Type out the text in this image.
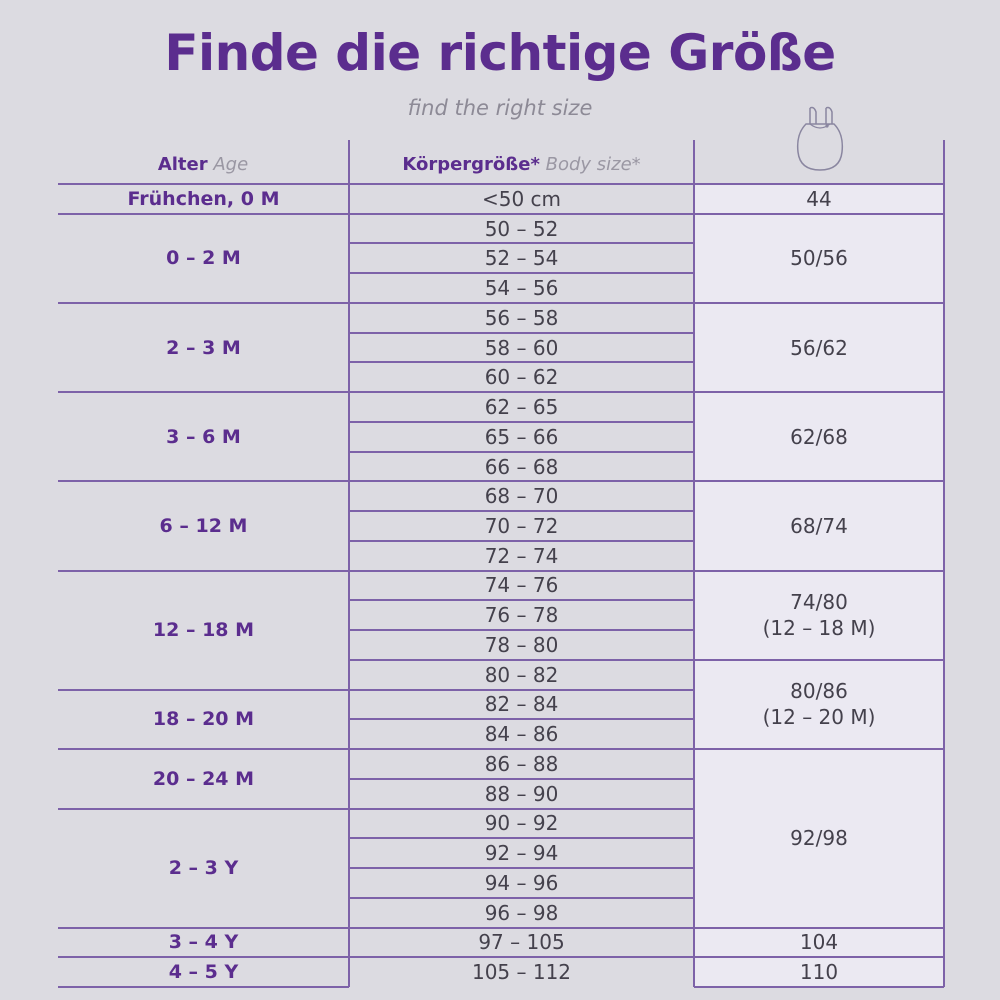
Finde die richtige Größe
find the right size
Alter Age	Körpergröße* Body size*
<50 cm
50 – 52
52 – 54
54 – 56
56 – 58
58 – 60
60 – 62
62 – 65
65 – 66
66 – 68
68 – 70
70 – 72
72 – 74
74 – 76
76 – 78
78 – 80
80 – 82
82 – 84
84 – 86
86 – 88
88 – 90
90 – 92
92 – 94
94 – 96
96 – 98
97 – 105
105 – 112
Frühchen, 0 M
0 – 2 M
2 – 3 M
3 – 6 M
6 – 12 M
12 – 18 M
18 – 20 M
20 – 24 M
2 – 3 Y
3 – 4 Y
4 – 5 Y
44
50/56
56/62
62/68
68/74
74/80
(12 – 18 M)
80/86
(12 – 20 M)
92/98
104
110
